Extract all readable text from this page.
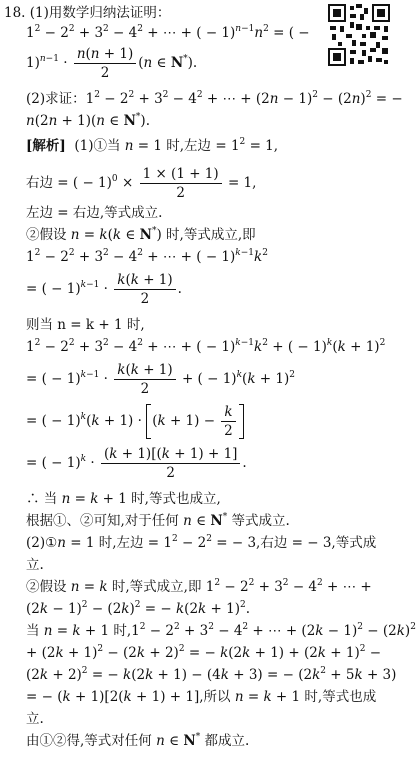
18. (1)用数学归纳法证明：
$1^2 - 2^2 + 3^2 - 4^2$ + ⋯ + ( − $1)^{n-1}n^2$ = ( −
$1)^{n-1} \cdot \frac{n(n + 1)}{2} (n$ ∈ N*).
(2)求证：$1^2 - 2^2 + 3^2 - 4^2$ + ⋯ + $(2n - 1)^2 - (2n)^2$ = −
n(2n + 1)(n ∈ N*).
[解析]  (1)①当 n = 1 时,左边 = $1^2 = 1$,
右边 = ( − $1)^0 \times \frac{1 \times (1 + 1)}{2} = 1$,
左边 = 右边,等式成立.
②假设 n = k(k ∈ N*) 时,等式成立,即
$1^2 - 2^2 + 3^2 - 4^2$ + ⋯ + ( − $1)^{k-1}k^2$
= ( − $1)^{k-1} \cdot \frac{k(k + 1)}{2}$ .
则当 n = k + 1 时,
$1^2 - 2^2 + 3^2 - 4^2$ + ⋯ + ( − $1)^{k-1}k^2$ + ( − $1)^k(k + 1)^2$
= ( − $1)^{k-1} \cdot \frac{k(k + 1)}{2}$ + ( − $1)^k(k + 1)^2$
= ( − $1)^k(k + 1) \cdot (k + 1) - \frac{k}{2}$
= ( − $1)^k \cdot \frac{(k + 1)[(k + 1) + 1]}{2}$ .
∴ 当 n = k + 1 时,等式也成立,
根据①、②可知,对于任何 n ∈ N* 等式成立.
(2)①n = 1 时,左边 = $1^2 - 2^2$ = − 3,右边 = − 3,等式成
立.
②假设 n = k 时,等式成立,即 $1^2 - 2^2 + 3^2 - 4^2$ + ⋯ +
$(2k - 1)^2 - (2k)^2$ = − $k(2k + 1)^2$.
当 n = k + 1 时$,1^2 - 2^2 + 3^2 - 4^2$ + ⋯ + $(2k - 1)^2 - (2k)^2$
+ $(2k + 1)^2 - (2k + 2)^2$ = − $k(2k + 1) + (2k + 1)^2$ −
$(2k + 2)^2$ = − k(2k + 1) − (4k + 3) = − $(2k^2 + 5k + 3)$
= − (k + 1)[2(k + 1) + 1],所以 n = k + 1 时,等式也成
立.
由①②得,等式对任何 n ∈ N* 都成立.
